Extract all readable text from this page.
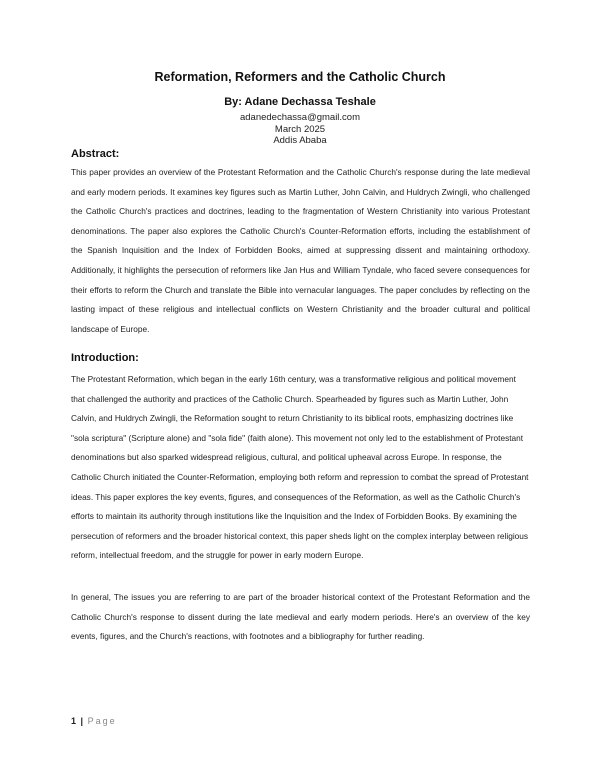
Reformation, Reformers and the Catholic Church
By: Adane Dechassa Teshale
adanedechassa@gmail.com
March 2025
Addis Ababa
Abstract:
This paper provides an overview of the Protestant Reformation and the Catholic Church's response during the late medieval and early modern periods. It examines key figures such as Martin Luther, John Calvin, and Huldrych Zwingli, who challenged the Catholic Church's practices and doctrines, leading to the fragmentation of Western Christianity into various Protestant denominations. The paper also explores the Catholic Church's Counter-Reformation efforts, including the establishment of the Spanish Inquisition and the Index of Forbidden Books, aimed at suppressing dissent and maintaining orthodoxy. Additionally, it highlights the persecution of reformers like Jan Hus and William Tyndale, who faced severe consequences for their efforts to reform the Church and translate the Bible into vernacular languages. The paper concludes by reflecting on the lasting impact of these religious and intellectual conflicts on Western Christianity and the broader cultural and political landscape of Europe.
Introduction:
The Protestant Reformation, which began in the early 16th century, was a transformative religious and political movement that challenged the authority and practices of the Catholic Church. Spearheaded by figures such as Martin Luther, John Calvin, and Huldrych Zwingli, the Reformation sought to return Christianity to its biblical roots, emphasizing doctrines like "sola scriptura" (Scripture alone) and "sola fide" (faith alone). This movement not only led to the establishment of Protestant denominations but also sparked widespread religious, cultural, and political upheaval across Europe. In response, the Catholic Church initiated the Counter-Reformation, employing both reform and repression to combat the spread of Protestant ideas. This paper explores the key events, figures, and consequences of the Reformation, as well as the Catholic Church's efforts to maintain its authority through institutions like the Inquisition and the Index of Forbidden Books. By examining the persecution of reformers and the broader historical context, this paper sheds light on the complex interplay between religious reform, intellectual freedom, and the struggle for power in early modern Europe.
In general, The issues you are referring to are part of the broader historical context of the Protestant Reformation and the Catholic Church's response to dissent during the late medieval and early modern periods. Here's an overview of the key events, figures, and the Church's reactions, with footnotes and a bibliography for further reading.
1 | Page
